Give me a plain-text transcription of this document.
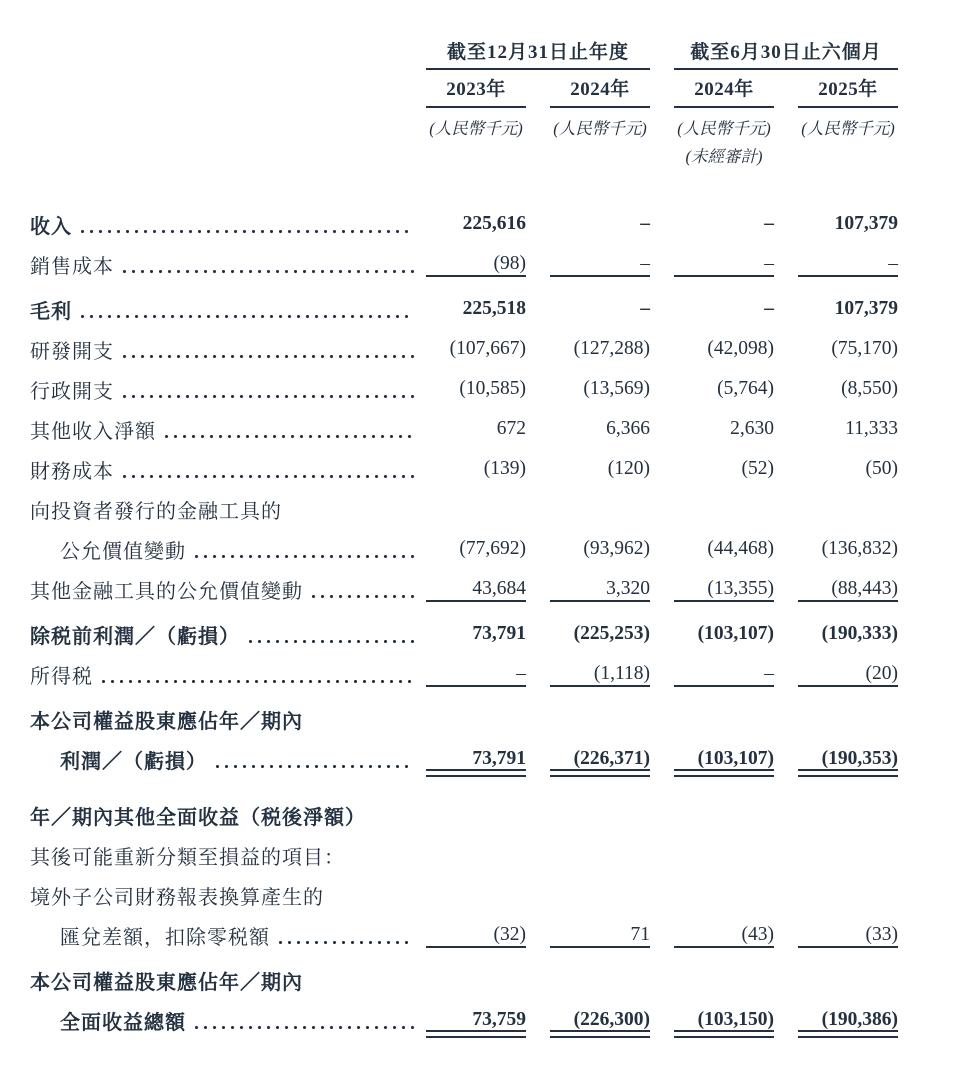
截至12月31日止年度	截至6月30日止六個月
2023年	2024年	2024年	2025年
(人民幣千元) (人民幣千元) (人民幣千元) (人民幣千元)
(未經審計)
收入	225,616	–	–	107,379
銷售成本	(98)	–	–	–
毛利	225,518	–	–	107,379
研發開支	(107,667)	(127,288)	(42,098)	(75,170)
行政開支	(10,585)	(13,569)	(5,764)	(8,550)
其他收入淨額	672	6,366	2,630	11,333
財務成本	(139)	(120)	(52)	(50)
向投資者發行的金融工具的
公允價值變動	(77,692)	(93,962)	(44,468)	(136,832)
其他金融工具的公允價值變動	43,684	3,320	(13,355)	(88,443)
除税前利潤／（虧損）	73,791	(225,253)	(103,107)	(190,333)
所得税	–	(1,118)	–	(20)
本公司權益股東應佔年／期內
利潤／（虧損）	73,791	(226,371)	(103,107)	(190,353)
年／期內其他全面收益（税後淨額）
其後可能重新分類至損益的項目：
境外子公司財務報表換算產生的
匯兌差額，扣除零税額	(32)	71	(43)	(33)
本公司權益股東應佔年／期內
全面收益總額	73,759	(226,300)	(103,150)	(190,386)
